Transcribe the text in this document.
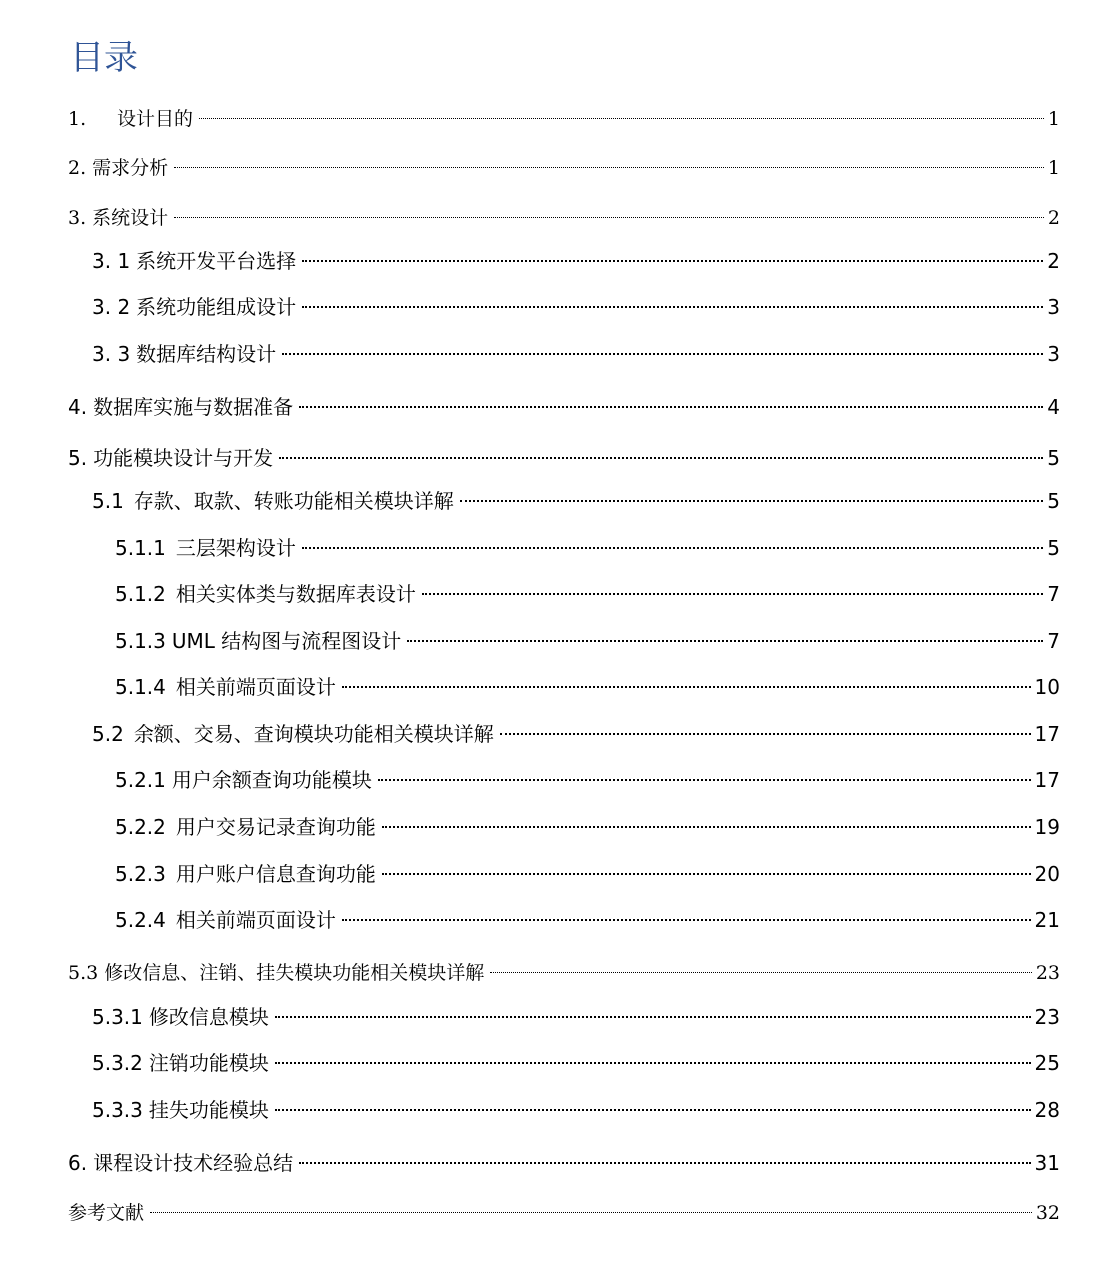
目录
1.	设计目的	1
2. 需求分析	1
3. 系统设计	2
3. 1 系统开发平台选择	2
3. 2 系统功能组成设计	3
3. 3 数据库结构设计	3
4. 数据库实施与数据准备	4
5. 功能模块设计与开发	5
5.1 存款、取款、转账功能相关模块详解	5
5.1.1 三层架构设计	5
5.1.2 相关实体类与数据库表设计	7
5.1.3 UML 结构图与流程图设计	7
5.1.4 相关前端页面设计	10
5.2 余额、交易、查询模块功能相关模块详解	17
5.2.1 用户余额查询功能模块	17
5.2.2 用户交易记录查询功能	19
5.2.3 用户账户信息查询功能	20
5.2.4 相关前端页面设计	21
5.3 修改信息、注销、挂失模块功能相关模块详解	23
5.3.1 修改信息模块	23
5.3.2 注销功能模块	25
5.3.3 挂失功能模块	28
6. 课程设计技术经验总结	31
参考文献	32
